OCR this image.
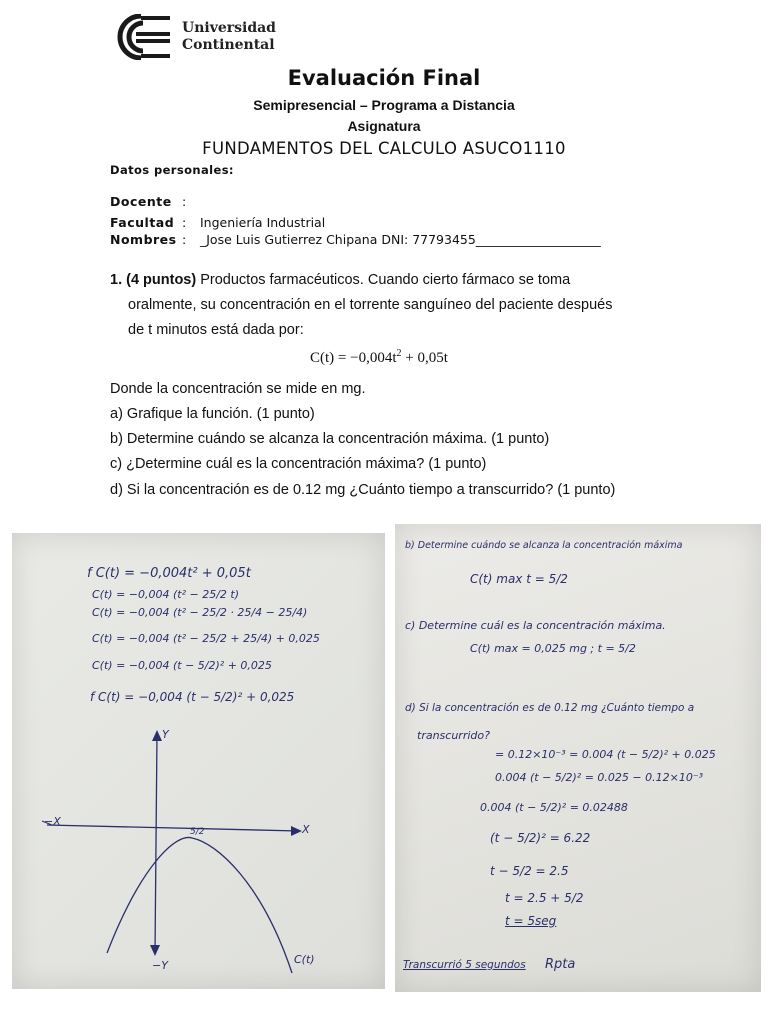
Universidad
Continental
Evaluación Final
Semipresencial – Programa a Distancia
Asignatura
FUNDAMENTOS DEL CALCULO ASUCO1110
Datos personales:
Docente :
Facultad : Ingeniería Industrial
Nombres : _Jose Luis Gutierrez Chipana DNI: 77793455____________________
1. (4 puntos) Productos farmacéuticos. Cuando cierto fármaco se toma
oralmente, su concentración en el torrente sanguíneo del paciente después
de t minutos está dada por:
$C(t) = -0,004t^2 + 0,05t$
Donde la concentración se mide en mg.
a) Grafique la función. (1 punto)
b) Determine cuándo se alcanza la concentración máxima. (1 punto)
c) ¿Determine cuál es la concentración máxima? (1 punto)
d) Si la concentración es de 0.12 mg ¿Cuánto tiempo a transcurrido? (1 punto)
f C(t) = −0,004t² + 0,05t
C(t) = −0,004 (t² − 25/2 t)
C(t) = −0,004 (t² − 25/2 · 25/4 − 25/4)
C(t) = −0,004 (t² − 25/2 + 25/4) + 0,025
C(t) = −0,004 (t − 5/2)² + 0,025
f C(t) = −0,004 (t − 5/2)² + 0,025
Y
−Y
X
−X
5/2
C(t)
b) Determine cuándo se alcanza la concentración máxima
C(t) max t = 5/2
c) Determine cuál es la concentración máxima.
C(t) max = 0,025 mg ; t = 5/2
d) Si la concentración es de 0.12 mg ¿Cuánto tiempo a
transcurrido?
= 0.12×10⁻³ = 0.004 (t − 5/2)² + 0.025
0.004 (t − 5/2)² = 0.025 − 0.12×10⁻³
0.004 (t − 5/2)² = 0.02488
(t − 5/2)² = 6.22
t − 5/2 = 2.5
t = 2.5 + 5/2
t = 5seg
Transcurrió 5 segundos Rpta
